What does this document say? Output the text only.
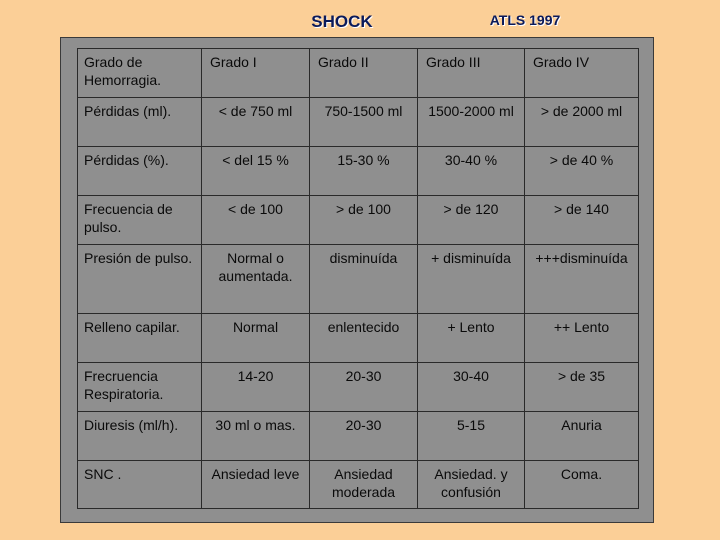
SHOCK	ATLS 1997
Grado de Hemorragia.	Grado I	Grado II	Grado III	Grado IV
Pérdidas (ml).	< de 750 ml	750-1500 ml	1500-2000 ml	> de 2000 ml
Pérdidas (%).	< del 15 %	15-30 %	30-40 %	> de 40 %
Frecuencia de pulso.	< de 100	> de 100	> de 120	> de 140
Presión de pulso.	Normal o aumentada.	disminuída	+ disminuída	+++disminuída
Relleno capilar.	Normal	enlentecido	+ Lento	++ Lento
Frecruencia Respiratoria.	14-20	20-30	30-40	> de 35
Diuresis (ml/h).	30 ml o mas.	20-30	5-15	Anuria
SNC .	Ansiedad leve	Ansiedad moderada	Ansiedad. y confusión	Coma.
